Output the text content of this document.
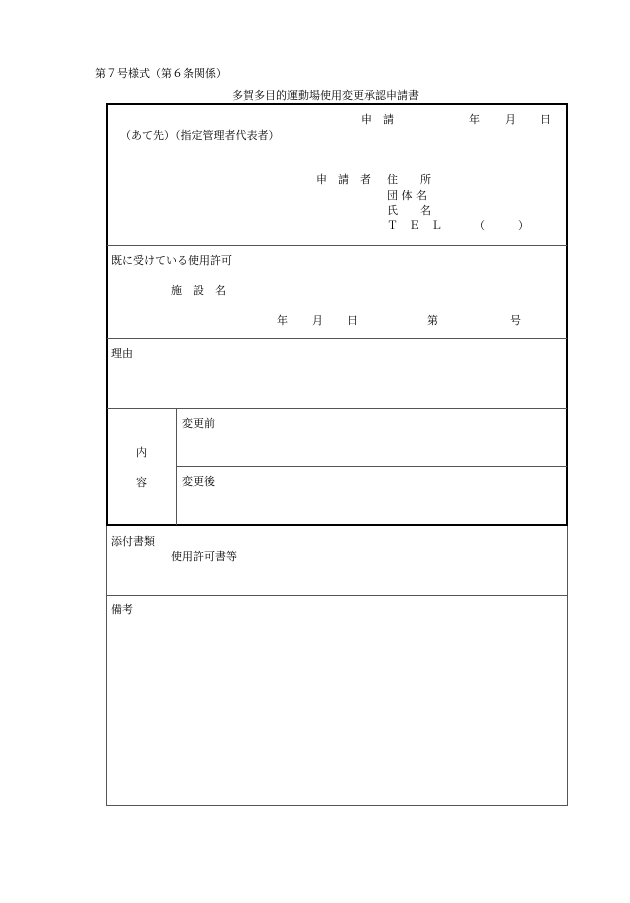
第７号様式（第６条関係）
多賀多目的運動場使用変更承認申請書
申　請	年 月 日
（あて先）（指定管理者代表者）
申　請　者 住　　所
団 体 名
氏　　名
Ｔ　Ｅ　Ｌ	（　　　）
既に受けている使用許可
施　設　名
年 月 日	第	号
理由
内
容
変更前
変更後
添付書類
使用許可書等
備考
